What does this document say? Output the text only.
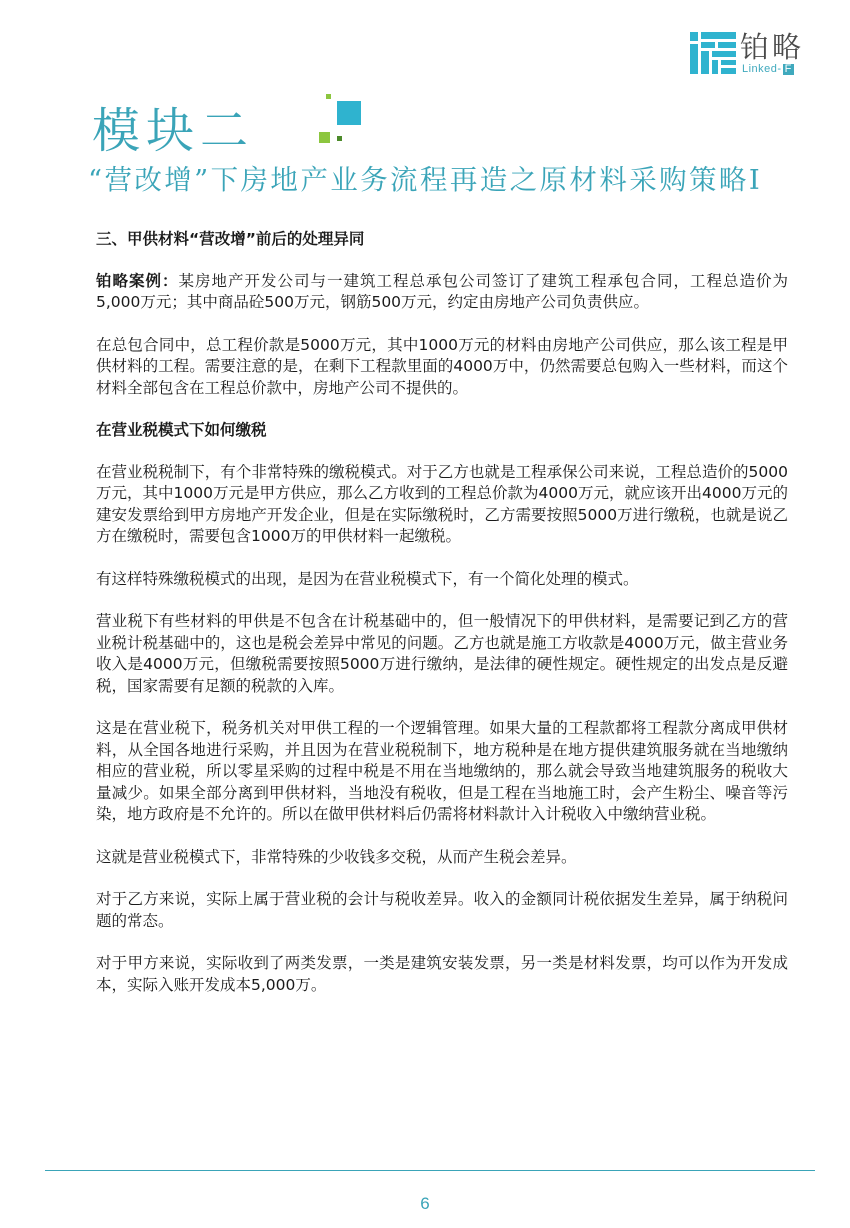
铂略
Linked- F
模块二
“营改增”下房地产业务流程再造之原材料采购策略Ⅰ

三、甲供材料“营改增”前后的处理异同

铂略案例：某房地产开发公司与一建筑工程总承包公司签订了建筑工程承包合同，工程总造价为5,000万元；其中商品砼500万元，钢筋500万元，约定由房地产公司负责供应。

在总包合同中，总工程价款是5000万元，其中1000万元的材料由房地产公司供应，那么该工程是甲供材料的工程。需要注意的是，在剩下工程款里面的4000万中，仍然需要总包购入一些材料，而这个材料全部包含在工程总价款中，房地产公司不提供的。

在营业税模式下如何缴税

在营业税税制下，有个非常特殊的缴税模式。对于乙方也就是工程承保公司来说，工程总造价的5000万元，其中1000万元是甲方供应，那么乙方收到的工程总价款为4000万元，就应该开出4000万元的建安发票给到甲方房地产开发企业，但是在实际缴税时，乙方需要按照5000万进行缴税，也就是说乙方在缴税时，需要包含1000万的甲供材料一起缴税。

有这样特殊缴税模式的出现，是因为在营业税模式下，有一个简化处理的模式。

营业税下有些材料的甲供是不包含在计税基础中的，但一般情况下的甲供材料，是需要记到乙方的营业税计税基础中的，这也是税会差异中常见的问题。乙方也就是施工方收款是4000万元，做主营业务收入是4000万元，但缴税需要按照5000万进行缴纳，是法律的硬性规定。硬性规定的出发点是反避税，国家需要有足额的税款的入库。

这是在营业税下，税务机关对甲供工程的一个逻辑管理。如果大量的工程款都将工程款分离成甲供材料，从全国各地进行采购，并且因为在营业税税制下，地方税种是在地方提供建筑服务就在当地缴纳相应的营业税，所以零星采购的过程中税是不用在当地缴纳的，那么就会导致当地建筑服务的税收大量减少。如果全部分离到甲供材料，当地没有税收，但是工程在当地施工时，会产生粉尘、噪音等污染，地方政府是不允许的。所以在做甲供材料后仍需将材料款计入计税收入中缴纳营业税。

这就是营业税模式下，非常特殊的少收钱多交税，从而产生税会差异。

对于乙方来说，实际上属于营业税的会计与税收差异。收入的金额同计税依据发生差异，属于纳税问题的常态。

对于甲方来说，实际收到了两类发票，一类是建筑安装发票，另一类是材料发票，均可以作为开发成本，实际入账开发成本5,000万。

6
